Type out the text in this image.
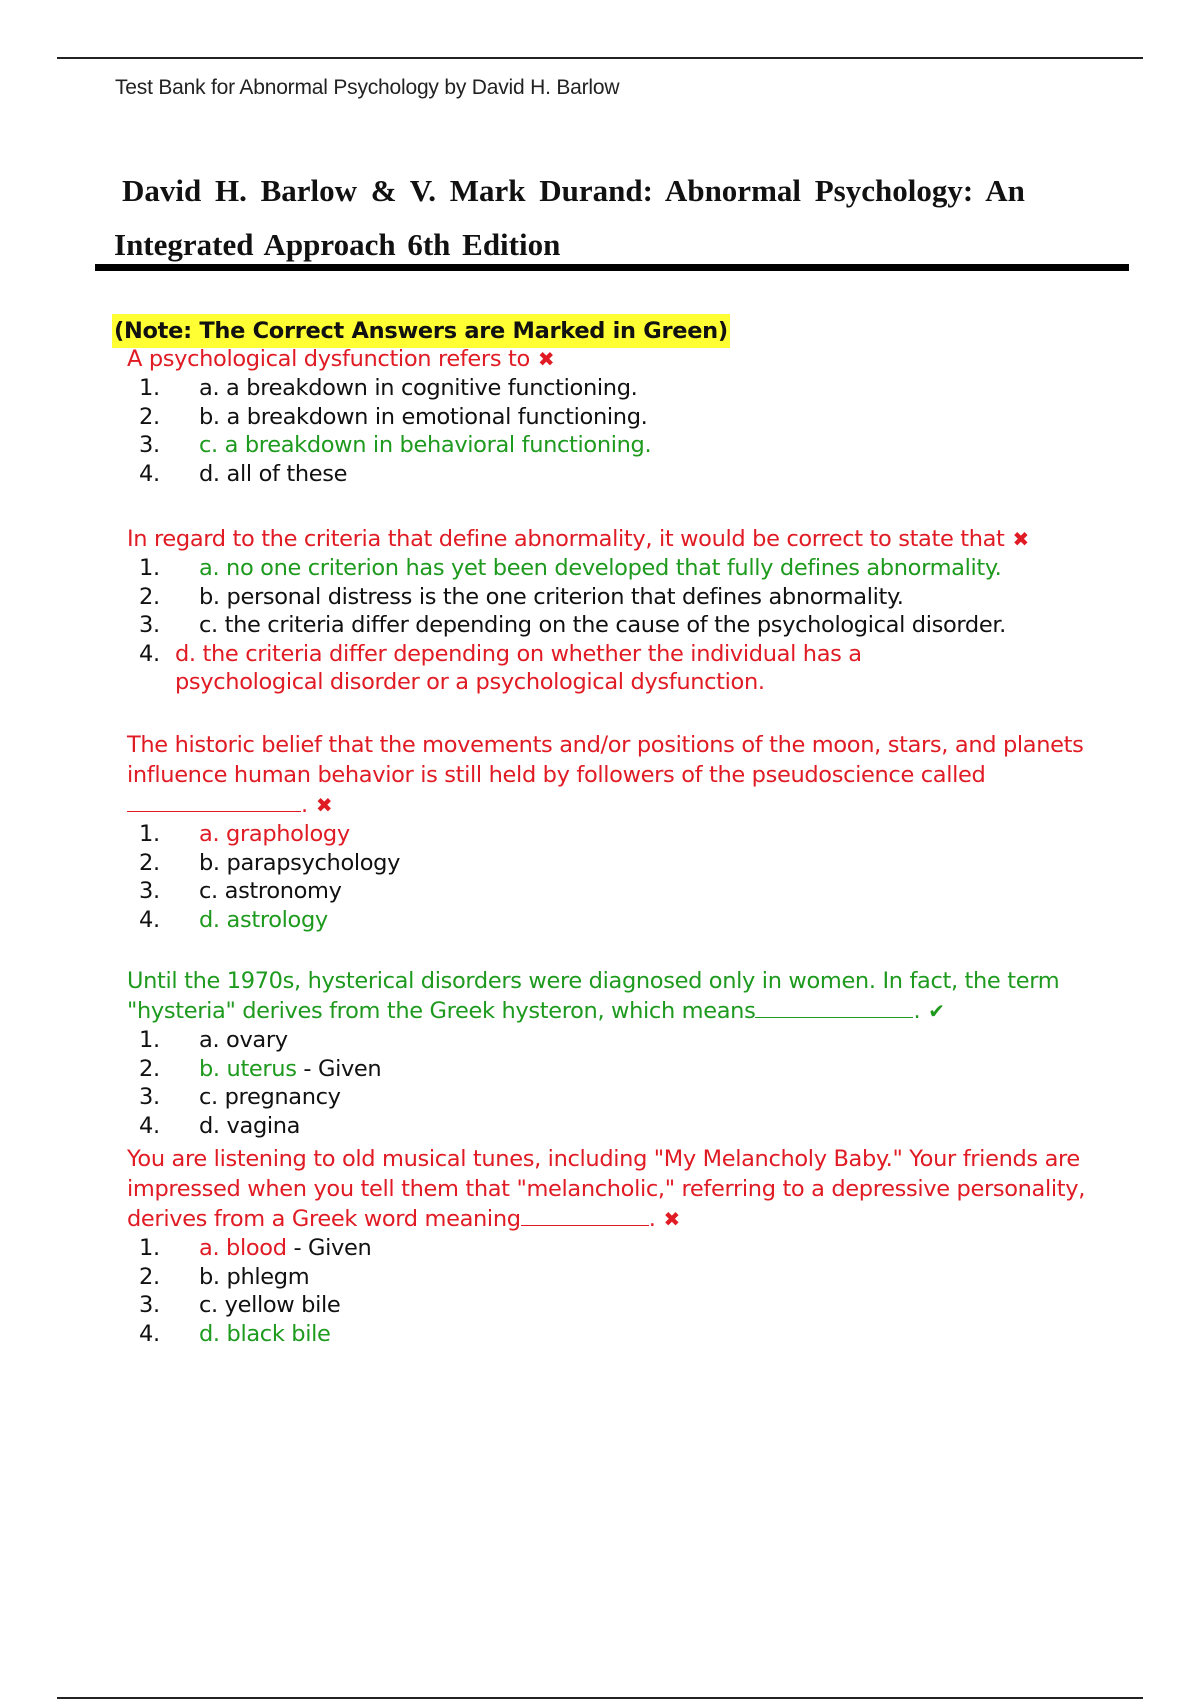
Test Bank for Abnormal Psychology by David H. Barlow
David H. Barlow & V. Mark Durand: Abnormal Psychology: An
Integrated Approach 6th Edition
(Note: The Correct Answers are Marked in Green)
A psychological dysfunction refers to ✖
1.	a. a breakdown in cognitive functioning.
2.	b. a breakdown in emotional functioning.
3.	c. a breakdown in behavioral functioning.
4.	d. all of these
In regard to the criteria that define abnormality, it would be correct to state that ✖
1.	a. no one criterion has yet been developed that fully defines abnormality.
2.	b. personal distress is the one criterion that defines abnormality.
3.	c. the criteria differ depending on the cause of the psychological disorder.
4. d. the criteria differ depending on whether the individual has a psychological disorder or a psychological dysfunction.
The historic belief that the movements and/or positions of the moon, stars, and planets
influence human behavior is still held by followers of the pseudoscience called
. ✖
1.	a. graphology
2.	b. parapsychology
3.	c. astronomy
4.	d. astrology
Until the 1970s, hysterical disorders were diagnosed only in women. In fact, the term
"hysteria" derives from the Greek hysteron, which means	. ✔
1.	a. ovary
2.	b. uterus - Given
3.	c. pregnancy
4.	d. vagina
You are listening to old musical tunes, including "My Melancholy Baby." Your friends are
impressed when you tell them that "melancholic," referring to a depressive personality,
derives from a Greek word meaning	. ✖
1.	a. blood - Given
2.	b. phlegm
3.	c. yellow bile
4.	d. black bile
